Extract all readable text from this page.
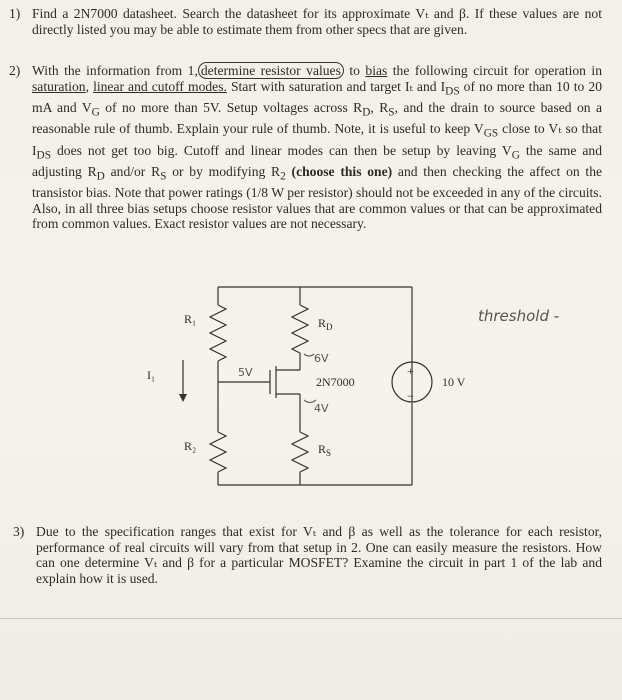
1) Find a 2N7000 datasheet. Search the datasheet for its approximate Vₜ and β. If these values are not directly listed you may be able to estimate them from other specs that are given.

2) With the information from 1, determine resistor values to bias the following circuit for operation in saturation, linear and cutoff modes. Start with saturation and target Iₜ and $I_{DS}$ of no more than 10 to 20 mA and $V_G$ of no more than 5V. Setup voltages across $R_D$, $R_S$, and the drain to source based on a reasonable rule of thumb. Explain your rule of thumb. Note, it is useful to keep $V_{GS}$ close to Vₜ so that $I_{DS}$ does not get too big. Cutoff and linear modes can then be setup by leaving $V_G$ the same and adjusting $R_D$ and/or $R_S$ or by modifying $R_2$ (choose this one) and then checking the affect on the transistor bias. Note that power ratings (1/8 W per resistor) should not be exceeded in any of the circuits. Also, in all three bias setups choose resistor values that are common values or that can be approximated from common values. Exact resistor values are not necessary.

R₁
R₂
$R_D$
$R_S$
I₁	2N7000	10 V
+
−
5V
6V
4V
threshold -

3) Due to the specification ranges that exist for Vₜ and β as well as the tolerance for each resistor, performance of real circuits will vary from that setup in 2. One can easily measure the resistors. How can one determine Vₜ and β for a particular MOSFET? Examine the circuit in part 1 of the lab and explain how it is used.
